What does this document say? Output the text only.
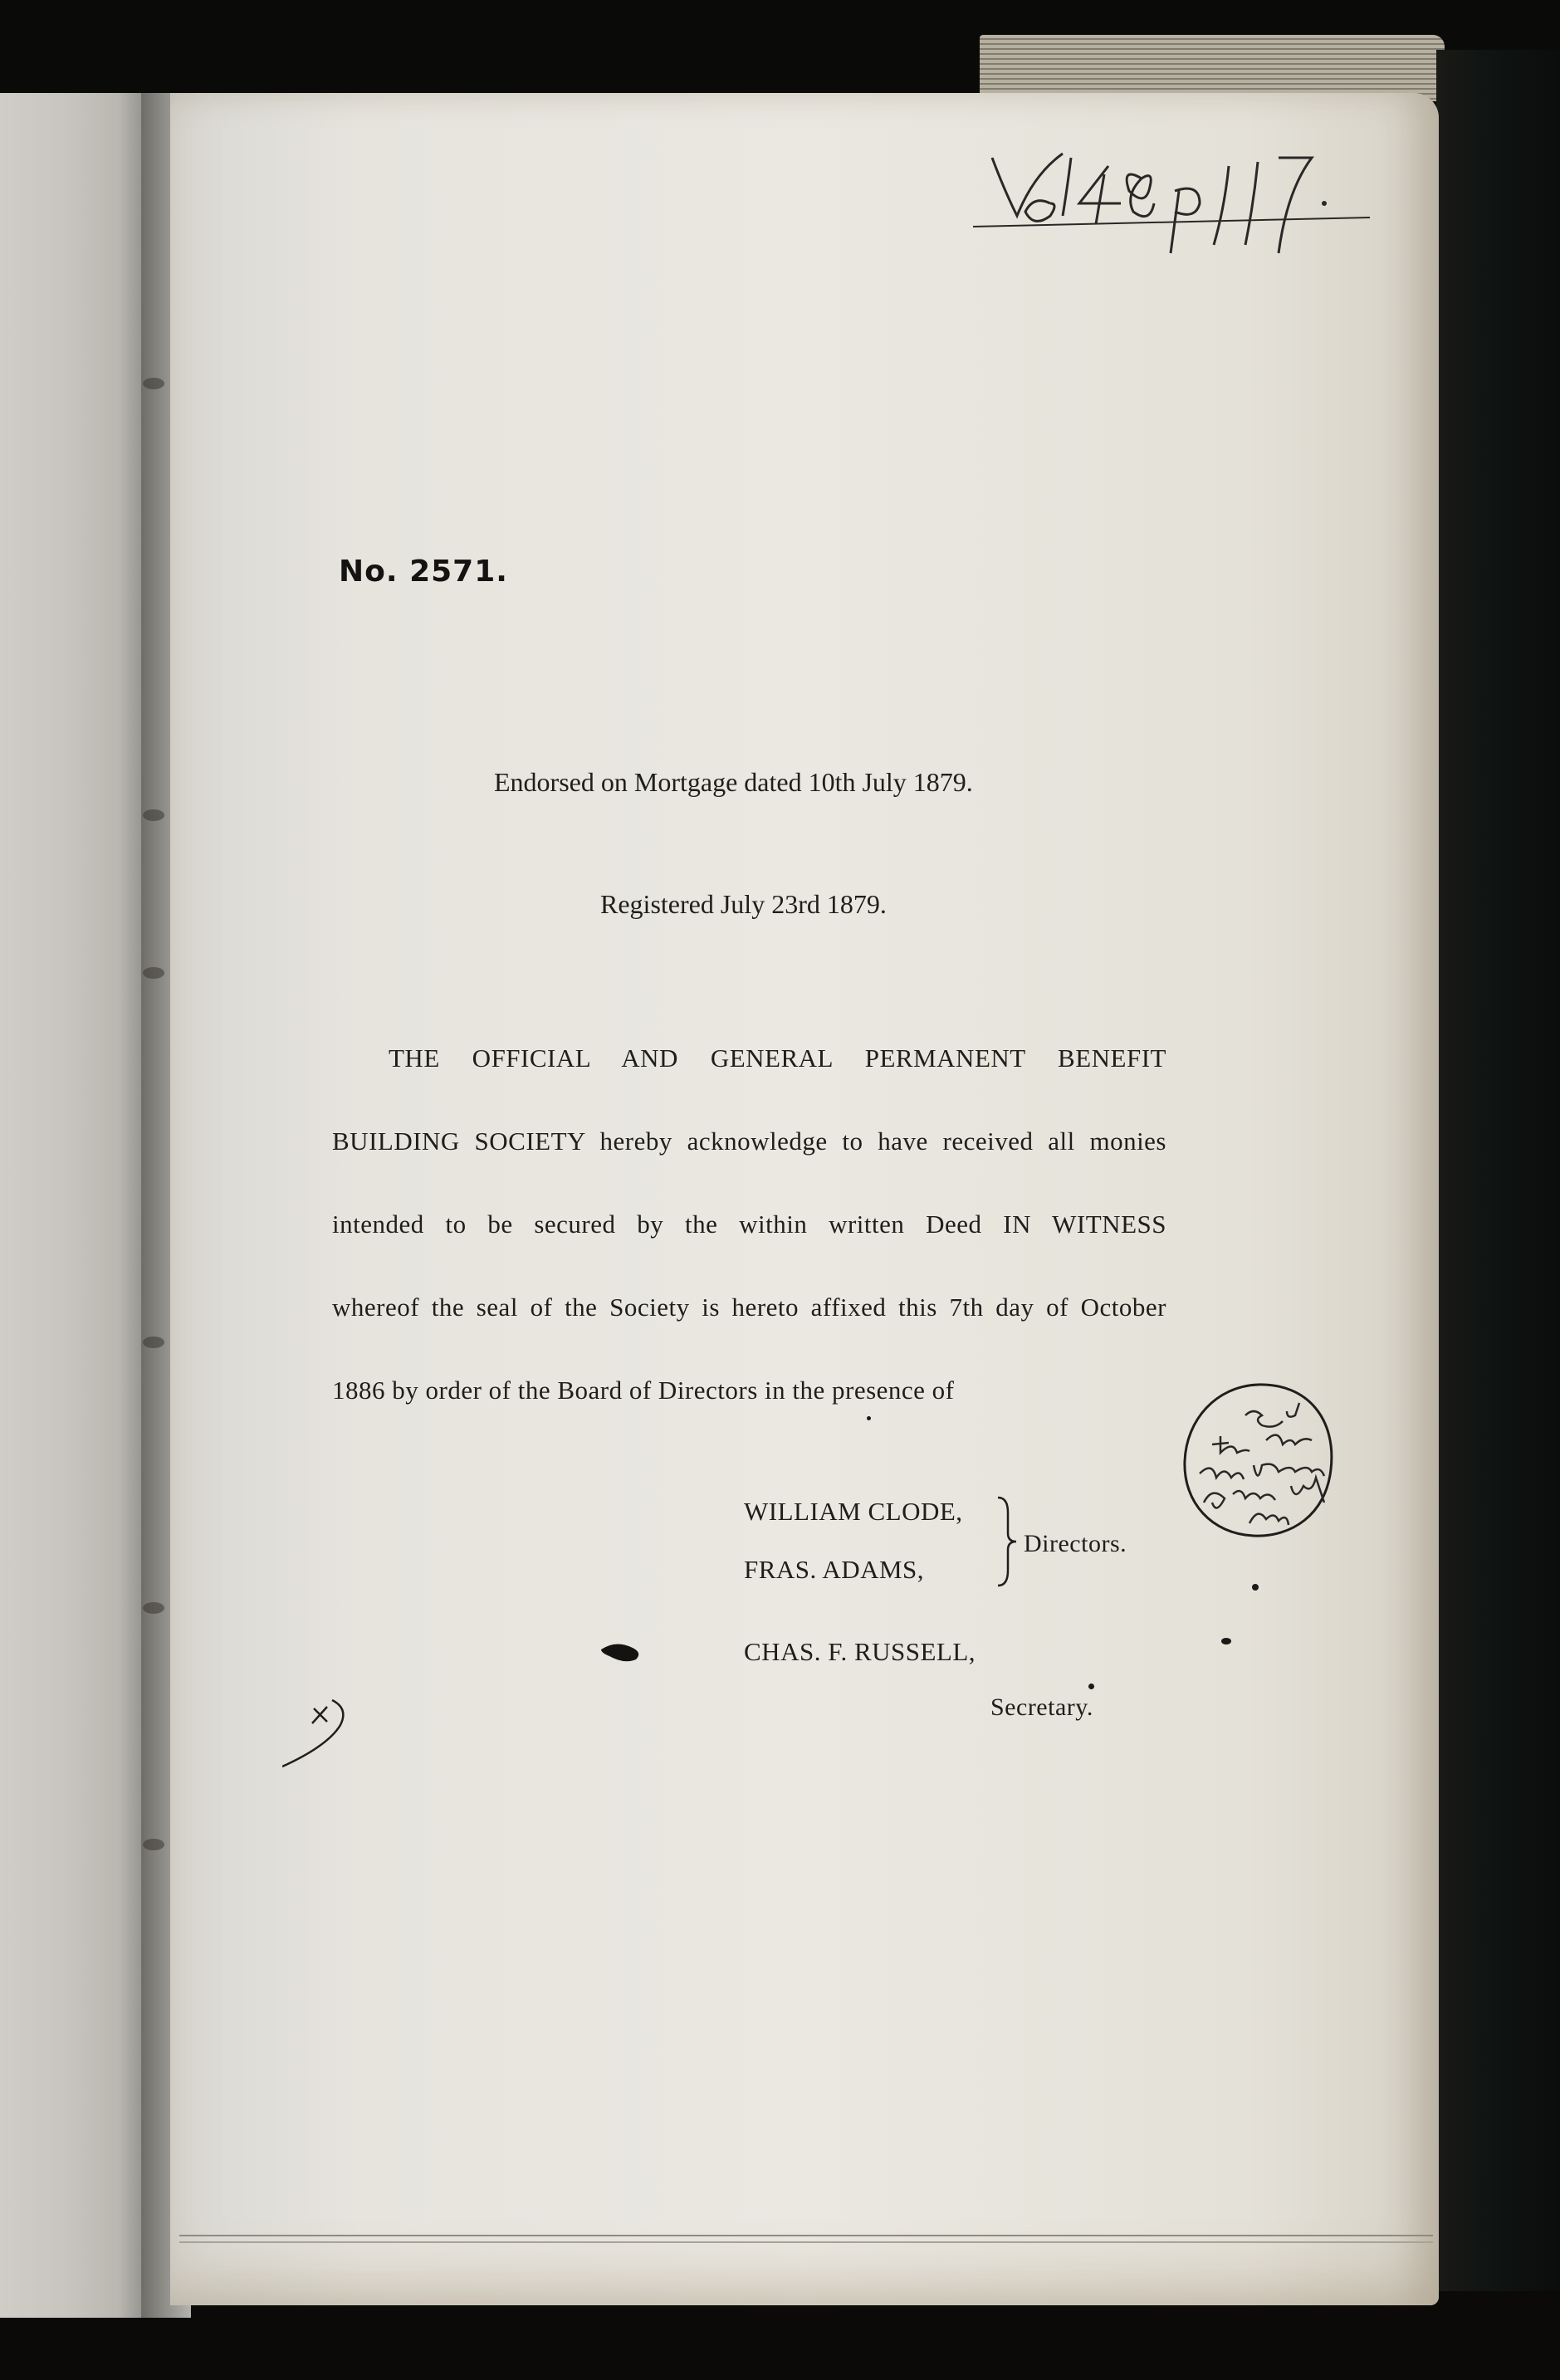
No. 2571.
Endorsed on Mortgage dated 10th July 1879.
Registered July 23rd 1879.
THE OFFICIAL AND GENERAL PERMANENT BENEFIT
BUILDING SOCIETY hereby acknowledge to have received all monies
intended to be secured by the within written Deed IN WITNESS
whereof the seal of the Society is hereto affixed this 7th day of October
1886 by order of the Board of Directors in the presence of
WILLIAM CLODE,
FRAS. ADAMS,
Directors.
CHAS. F. RUSSELL,
Secretary.
